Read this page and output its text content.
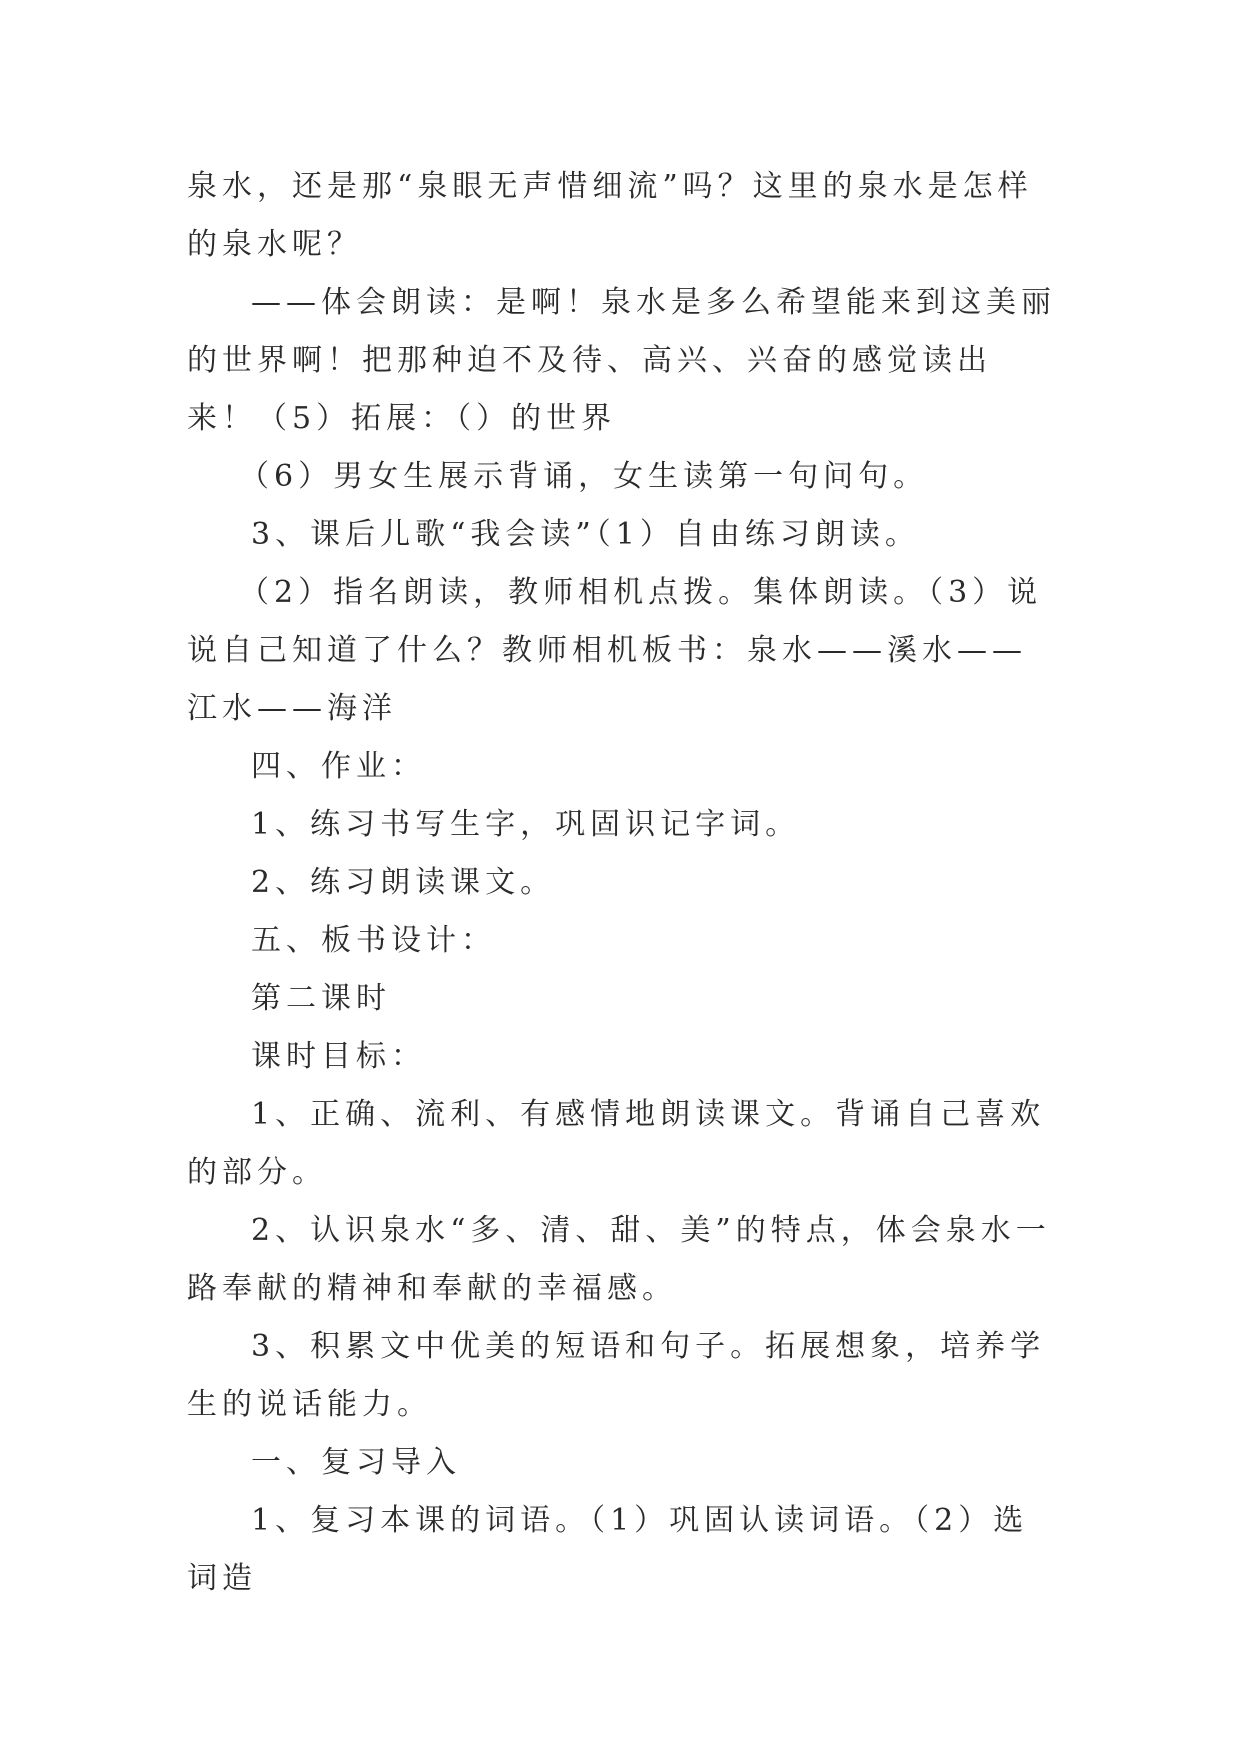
泉水，还是那“泉眼无声惜细流”吗？这里的泉水是怎样的泉水呢？

——体会朗读：是啊！泉水是多么希望能来到这美丽的世界啊！把那种迫不及待、高兴、兴奋的感觉读出来！（5）拓展：（）的世界

（6）男女生展示背诵，女生读第一句问句。

3、课后儿歌“我会读”（1）自由练习朗读。

（2）指名朗读，教师相机点拨。集体朗读。（3）说说自己知道了什么？教师相机板书：泉水——溪水——江水——海洋

四、作业：

1、练习书写生字，巩固识记字词。

2、练习朗读课文。

五、板书设计：

第二课时

课时目标：

1、正确、流利、有感情地朗读课文。背诵自己喜欢的部分。

2、认识泉水“多、清、甜、美”的特点，体会泉水一路奉献的精神和奉献的幸福感。

3、积累文中优美的短语和句子。拓展想象，培养学生的说话能力。

一、复习导入

1、复习本课的词语。（1）巩固认读词语。（2）选词造
